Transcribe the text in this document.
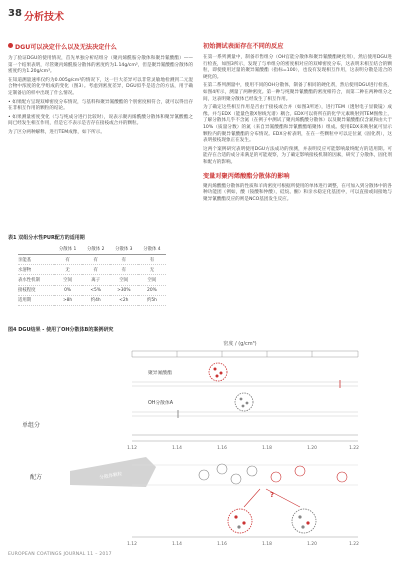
38 分析技术
DGU可以决定什么以及无法决定什么
为了验证DGU的使用情况，首先单独分析结组分（聚丙烯酰胺分散体和聚异氰酸酯）——第一个结果表明，尽管聚丙烯酰胺分散体的密度约为1.14g/cm³，但是聚异氰酸酯分散体的密度约为1.20g/cm³。
在知道测量速率仅约为0.005g/cm³的情况下，这一巨大差异可以非常灵敏地检测到二元混合物中浓度的化学组成的变化（图3）。考虑到密度差异，DGU似乎是适合的方法，用于确定制备后的样中出现了什么情况。
• 如果配方呈现双峰密度分布情况，与基料和聚异氰酸酯的个别密度相符合，就可以得出存在非相互作用的颗粒的结论。
• 如果测量密度变化（与与纯成分进行比较时），说表示聚丙烯酰酸分散体和聚异氰酸酯之间已经发生相互作用，但是它不表示是否存在接枝或合并的颗粒。
为了区分两种解释，进行TEM成像，如下所示。
表1 双组分水性PUR配方的适用期
	分散体 1	分散体 2	分散体 3	分散体 4
亲能基	有	有	有	有
水溶物	无	有	有	无
表水性机制	空间	离子	空间	空间
接枝程度	0%	<5%	>30%	20%
适用期	>8h	约4h	<2h	约5h
初始测试表面存在不同的反应
在第一系列测量中，制备市售组分（OH官能分散体和聚异氰酸酯硬化剂），然后使用DGU进行检查，如图3所示，发现了与单组分的密度相对应的双峰密度分布，这表明未相互结合的颗粒，即使使用过量的聚异氰酸酯（指标=100），也没有发现相互作用，这表明分散是适合的硬化的。
在第二系列测量中，使用不同的OH分散体，制备了相同的硬化剂，然后使用DGU进行检查，如图4所示，测量了两种密度。第一种与纯聚异氰酸酯的密度相符合，而第二种在两种组分之间，这表明聚分散体已经发生了相互作用。
为了确定这些相互作用是否由于接枝或合并（如图3所述），进行TEM（透射电子显微镜）成像。并与EDX（能量色散X射线光谱）耦合。EDX可以将所在的化学元素映射到TEM图像上，了解分散体几乎不含氮（在例子中测试了聚丙烯酰酸分散体）以及聚异氰酸酯仅含氮和由大于10%（质量分数）的氮（来自异氰酸酯和异氰酸酯缩聚体）组成。使用EDX来映射氮可显示颗粒内的聚异氰酸酯的分布情况。EDX分析表明，在在一些颗粒中可以定位氮（固化剂），这表明接枝现象正在发生。
这两个案例研究表明使用DGU方法成功的预测，并表明反应可能影响最终配方的适用期。可能存在合适的成分来满足的可能观察，为了确定影响接枝机制的因素，研究了分散体，固化剂和配方的影响。
变量对聚丙烯酸酯分散体的影响
聚丙烯酸酯分散体的性质和羊肉密度可根据所使用的单体进行调整，在可加入到分散体中的各种功能团（例如，酸（铵酸和仲酸），硅烷、酮）和亲水稳定化基团中，可以直接或间接地与聚异氰酸酯反应的则是NCO基团发生反应。
图4 DGU结果 - 使用了OH分散体B的案例研究
密度 / (g/cm³)
聚异氰酸酯
OH分散体A
单组分
1.12	1.14	1.16	1.18	1.20	1.22
配方	分散体颗粒
?
1.12	1.14	1.16	1.18	1.20	1.22
EUROPEAN COATINGS JOURNAL 11 – 2017
